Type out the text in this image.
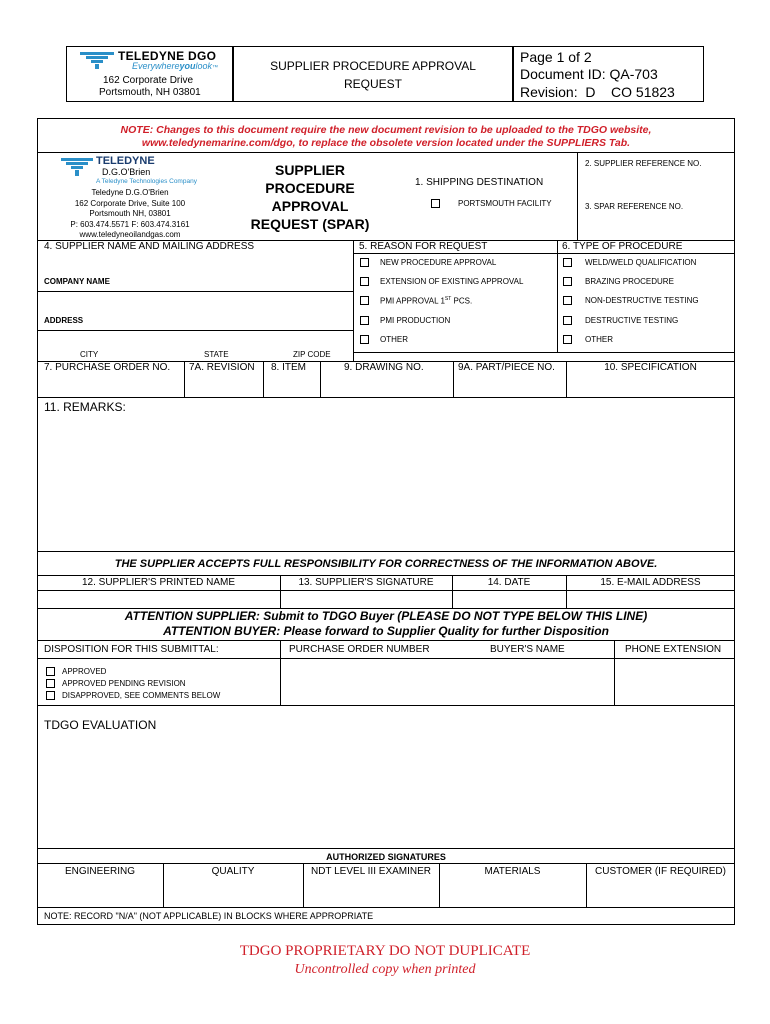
TELEDYNE DGO
Everywhereyoulook™
162 Corporate Drive
Portsmouth, NH 03801
SUPPLIER PROCEDURE APPROVAL
REQUEST
Page 1 of 2
Document ID: QA-703
Revision:  D    CO 51823
NOTE: Changes to this document require the new document revision to be uploaded to the TDGO website,
www.teledynemarine.com/dgo, to replace the obsolete version located under the SUPPLIERS Tab.
TELEDYNE
D.G.O'Brien
A Teledyne Technologies Company
Teledyne D.G.O'Brien
162 Corporate Drive, Suite 100
Portsmouth NH, 03801
P: 603.474.5571 F: 603.474.3161
www.teledyneoilandgas.com
SUPPLIER
PROCEDURE
APPROVAL
REQUEST (SPAR)
1. SHIPPING DESTINATION
PORTSMOUTH FACILITY
2. SUPPLIER REFERENCE NO.
3. SPAR REFERENCE NO.
4. SUPPLIER NAME AND MAILING ADDRESS	5. REASON FOR REQUEST	6. TYPE OF PROCEDURE
COMPANY NAME
ADDRESS
CITY	STATE	ZIP CODE
NEW PROCEDURE APPROVAL
EXTENSION OF EXISTING APPROVAL
PMI APPROVAL 1ST PCS.
PMI PRODUCTION
OTHER
WELD/WELD QUALIFICATION
BRAZING PROCEDURE
NON-DESTRUCTIVE TESTING
DESTRUCTIVE TESTING
OTHER
7. PURCHASE ORDER NO. 7A. REVISION 8. ITEM	9. DRAWING NO.	9A. PART/PIECE NO.	10. SPECIFICATION
11. REMARKS:
THE SUPPLIER ACCEPTS FULL RESPONSIBILITY FOR CORRECTNESS OF THE INFORMATION ABOVE.
12. SUPPLIER'S PRINTED NAME	13. SUPPLIER'S SIGNATURE	14. DATE	15. E-MAIL ADDRESS
ATTENTION SUPPLIER: Submit to TDGO Buyer (PLEASE DO NOT TYPE BELOW THIS LINE)
ATTENTION BUYER: Please forward to Supplier Quality for further Disposition
DISPOSITION FOR THIS SUBMITTAL:	PURCHASE ORDER NUMBER	BUYER'S NAME	PHONE EXTENSION
APPROVED
APPROVED PENDING REVISION
DISAPPROVED, SEE COMMENTS BELOW
TDGO EVALUATION
AUTHORIZED SIGNATURES
ENGINEERING	QUALITY	NDT LEVEL III EXAMINER	MATERIALS	CUSTOMER (IF REQUIRED)
NOTE: RECORD "N/A" (NOT APPLICABLE) IN BLOCKS WHERE APPROPRIATE
TDGO PROPRIETARY DO NOT DUPLICATE
Uncontrolled copy when printed
